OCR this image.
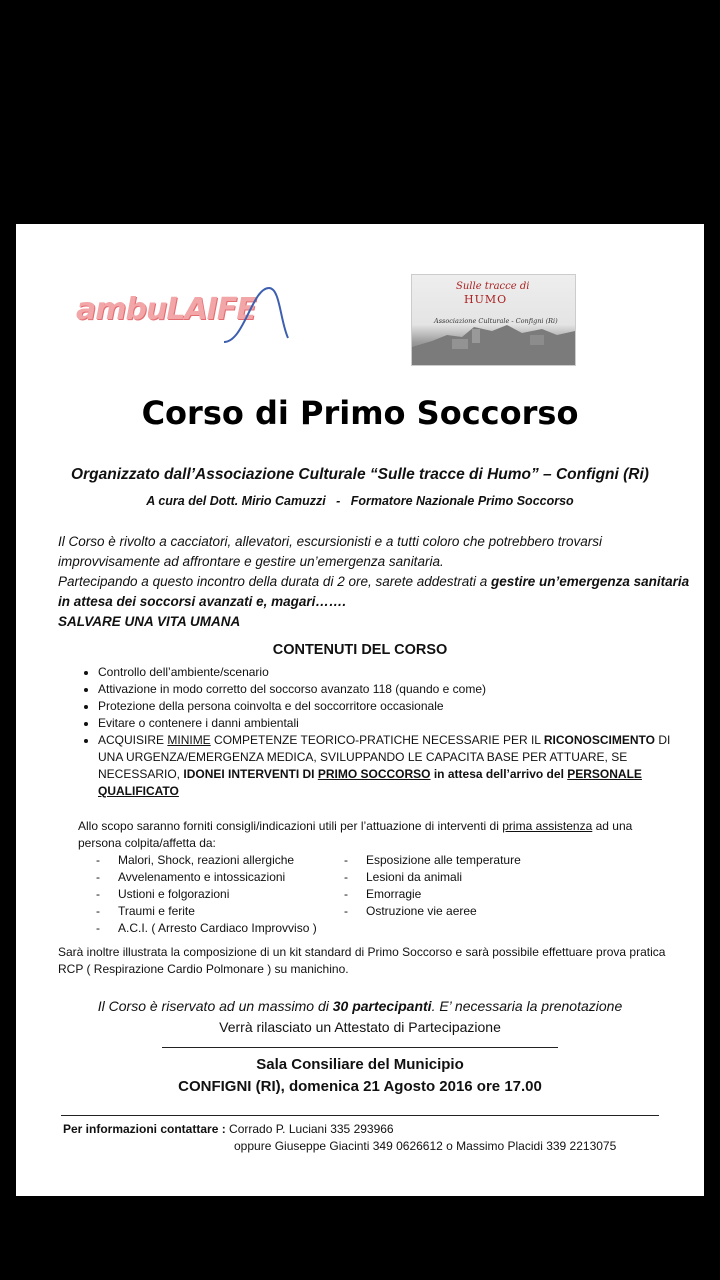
ambuLAIFE
Sulle tracce di
HUMO
Associazione Culturale - Configni (Ri)
Corso di Primo Soccorso
Organizzato dall’Associazione Culturale “Sulle tracce di Humo” – Configni (Ri)
A cura del Dott. Mirio Camuzzi   -   Formatore Nazionale Primo Soccorso
Il Corso è rivolto a cacciatori, allevatori, escursionisti e a tutti coloro che potrebbero trovarsi improvvisamente ad affrontare e gestire un’emergenza sanitaria.
Partecipando a questo incontro della durata di 2 ore, sarete addestrati a gestire un’emergenza sanitaria in attesa dei soccorsi avanzati e, magari…….
SALVARE UNA VITA UMANA
CONTENUTI DEL CORSO
• Controllo dell’ambiente/scenario
• Attivazione in modo corretto del soccorso avanzato 118 (quando e come)
• Protezione della persona coinvolta e del soccorritore occasionale
• Evitare o contenere i danni ambientali
• ACQUISIRE MINIME COMPETENZE TEORICO-PRATICHE NECESSARIE PER IL RICONOSCIMENTO DI UNA URGENZA/EMERGENZA MEDICA, SVILUPPANDO LE CAPACITA BASE PER ATTUARE, SE NECESSARIO, IDONEI INTERVENTI DI PRIMO SOCCORSO in attesa dell’arrivo del PERSONALE QUALIFICATO
Allo scopo saranno forniti consigli/indicazioni utili per l’attuazione di interventi di prima assistenza ad una persona colpita/affetta da:
- Malori, Shock, reazioni allergiche
- Avvelenamento e intossicazioni
- Ustioni e folgorazioni
- Traumi e ferite
- A.C.I. ( Arresto Cardiaco Improvviso )
- Esposizione alle temperature
- Lesioni da animali
- Emorragie
- Ostruzione vie aeree
Sarà inoltre illustrata la composizione di un kit standard di Primo Soccorso e sarà possibile effettuare prova pratica RCP ( Respirazione Cardio Polmonare ) su manichino.
Il Corso è riservato ad un massimo di 30 partecipanti. E’ necessaria la prenotazione
Verrà rilasciato un Attestato di Partecipazione
Sala Consiliare del Municipio
CONFIGNI (RI), domenica 21 Agosto 2016 ore 17.00
Per informazioni contattare : Corrado P. Luciani 335 293966
oppure Giuseppe Giacinti 349 0626612 o Massimo Placidi 339 2213075
